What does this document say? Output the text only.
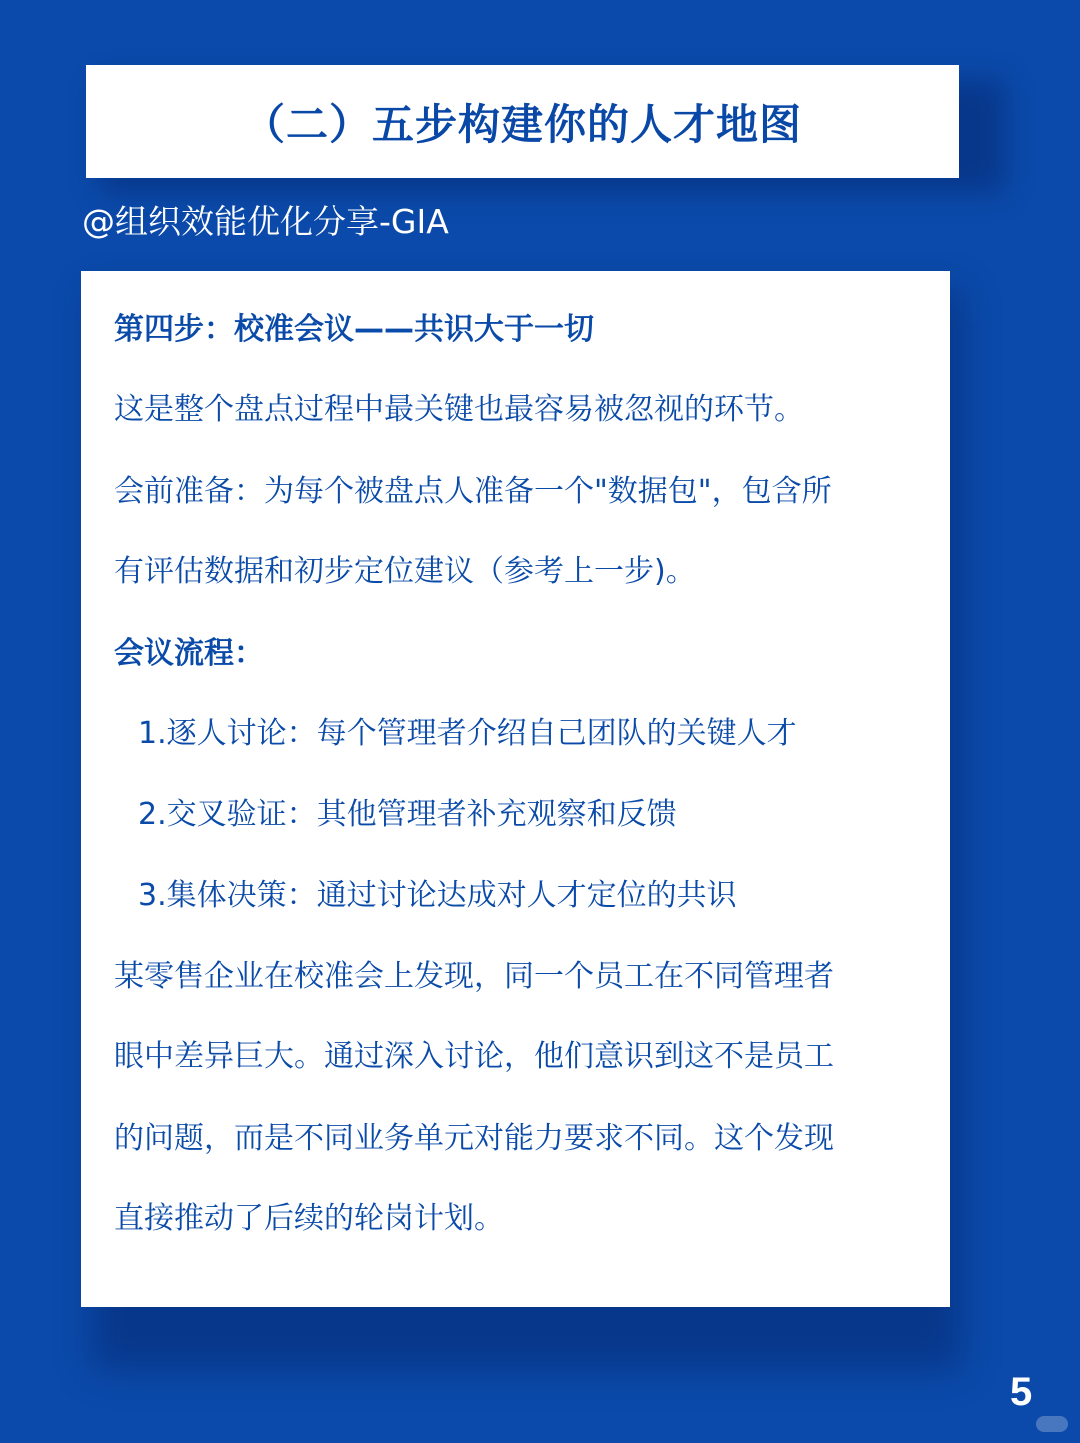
（二）五步构建你的人才地图
@组织效能优化分享-GIA
第四步：校准会议——共识大于一切
这是整个盘点过程中最关键也最容易被忽视的环节。
会前准备：为每个被盘点人准备一个"数据包"，包含所
有评估数据和初步定位建议（参考上一步)。
会议流程：
1.逐人讨论：每个管理者介绍自己团队的关键人才
2.交叉验证：其他管理者补充观察和反馈
3.集体决策：通过讨论达成对人才定位的共识
某零售企业在校准会上发现，同一个员工在不同管理者
眼中差异巨大。通过深入讨论，他们意识到这不是员工
的问题，而是不同业务单元对能力要求不同。这个发现
直接推动了后续的轮岗计划。
5
